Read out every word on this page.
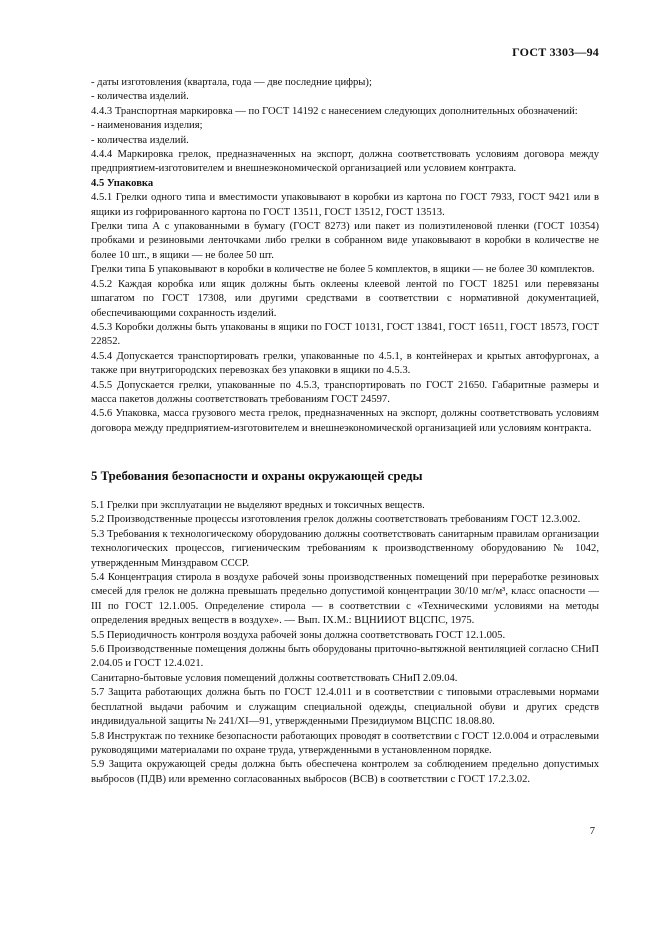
ГОСТ 3303—94

- даты изготовления (квартала, года — две последние цифры);

- количества изделий.

4.4.3 Транспортная маркировка — по ГОСТ 14192 с нанесением следующих дополнительных обозначений:

- наименования изделия;

- количества изделий.

4.4.4 Маркировка грелок, предназначенных на экспорт, должна соответствовать условиям договора между предприятием-изготовителем и внешнеэкономической организацией или условием контракта.

4.5 Упаковка

4.5.1 Грелки одного типа и вместимости упаковывают в коробки из картона по ГОСТ 7933, ГОСТ 9421 или в ящики из гофрированного картона по ГОСТ 13511, ГОСТ 13512, ГОСТ 13513.

Грелки типа А с упакованными в бумагу (ГОСТ 8273) или пакет из полиэтиленовой пленки (ГОСТ 10354) пробками и резиновыми ленточками либо грелки в собранном виде упаковывают в коробки в количестве не более 10 шт., в ящики — не более 50 шт.

Грелки типа Б упаковывают в коробки в количестве не более 5 комплектов, в ящики — не более 30 комплектов.

4.5.2 Каждая коробка или ящик должны быть оклеены клеевой лентой по ГОСТ 18251 или перевязаны шпагатом по ГОСТ 17308, или другими средствами в соответствии с нормативной документацией, обеспечивающими сохранность изделий.

4.5.3 Коробки должны быть упакованы в ящики по ГОСТ 10131, ГОСТ 13841, ГОСТ 16511, ГОСТ 18573, ГОСТ 22852.

4.5.4 Допускается транспортировать грелки, упакованные по 4.5.1, в контейнерах и крытых автофургонах, а также при внутригородских перевозках без упаковки в ящики по 4.5.3.

4.5.5 Допускается грелки, упакованные по 4.5.3, транспортировать по ГОСТ 21650. Габаритные размеры и масса пакетов должны соответствовать требованиям ГОСТ 24597.

4.5.6 Упаковка, масса грузового места грелок, предназначенных на экспорт, должны соответствовать условиям договора между предприятием-изготовителем и внешнеэкономической организацией или условиям контракта.

5 Требования безопасности и охраны окружающей среды

5.1 Грелки при эксплуатации не выделяют вредных и токсичных веществ.

5.2 Производственные процессы изготовления грелок должны соответствовать требованиям ГОСТ 12.3.002.

5.3 Требования к технологическому оборудованию должны соответствовать санитарным правилам организации технологических процессов, гигиеническим требованиям к производственному оборудованию № 1042, утвержденным Минздравом СССР.

5.4 Концентрация стирола в воздухе рабочей зоны производственных помещений при переработке резиновых смесей для грелок не должна превышать предельно допустимой концентрации 30/10 мг/м³, класс опасности — III по ГОСТ 12.1.005. Определение стирола — в соответствии с «Техническими условиями на методы определения вредных веществ в воздухе». — Вып. IX.М.: ВЦНИИОТ ВЦСПС, 1975.

5.5 Периодичность контроля воздуха рабочей зоны должна соответствовать ГОСТ 12.1.005.

5.6 Производственные помещения должны быть оборудованы приточно-вытяжной вентиляцией согласно СНиП 2.04.05 и ГОСТ 12.4.021.

Санитарно-бытовые условия помещений должны соответствовать СНиП 2.09.04.

5.7 Защита работающих должна быть по ГОСТ 12.4.011 и в соответствии с типовыми отраслевыми нормами бесплатной выдачи рабочим и служащим специальной одежды, специальной обуви и других средств индивидуальной защиты № 241/XI—91, утвержденными Президиумом ВЦСПС 18.08.80.

5.8 Инструктаж по технике безопасности работающих проводят в соответствии с ГОСТ 12.0.004 и отраслевыми руководящими материалами по охране труда, утвержденными в установленном порядке.

5.9 Защита окружающей среды должна быть обеспечена контролем за соблюдением предельно допустимых выбросов (ПДВ) или временно согласованных выбросов (ВСВ) в соответствии с ГОСТ 17.2.3.02.

7
